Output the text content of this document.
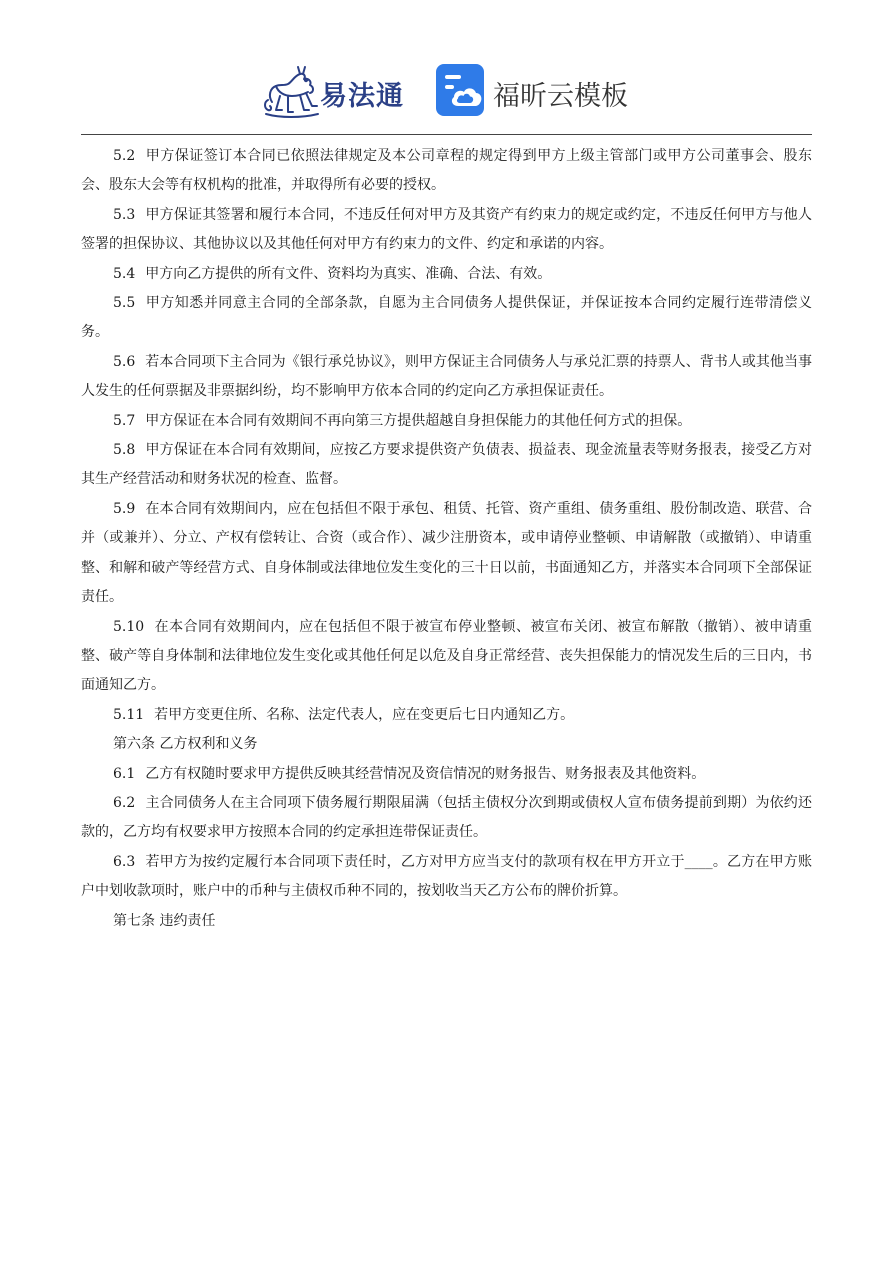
易法通	福昕云模板

5.2 甲方保证签订本合同已依照法律规定及本公司章程的规定得到甲方上级主管部门或甲方公司董事会、股东会、股东大会等有权机构的批准，并取得所有必要的授权。

5.3 甲方保证其签署和履行本合同，不违反任何对甲方及其资产有约束力的规定或约定，不违反任何甲方与他人签署的担保协议、其他协议以及其他任何对甲方有约束力的文件、约定和承诺的内容。

5.4 甲方向乙方提供的所有文件、资料均为真实、准确、合法、有效。

5.5 甲方知悉并同意主合同的全部条款，自愿为主合同债务人提供保证，并保证按本合同约定履行连带清偿义务。

5.6 若本合同项下主合同为《银行承兑协议》，则甲方保证主合同债务人与承兑汇票的持票人、背书人或其他当事人发生的任何票据及非票据纠纷，均不影响甲方依本合同的约定向乙方承担保证责任。

5.7 甲方保证在本合同有效期间不再向第三方提供超越自身担保能力的其他任何方式的担保。

5.8 甲方保证在本合同有效期间，应按乙方要求提供资产负债表、损益表、现金流量表等财务报表，接受乙方对其生产经营活动和财务状况的检查、监督。

5.9 在本合同有效期间内，应在包括但不限于承包、租赁、托管、资产重组、债务重组、股份制改造、联营、合并（或兼并）、分立、产权有偿转让、合资（或合作）、减少注册资本，或申请停业整顿、申请解散（或撤销）、申请重整、和解和破产等经营方式、自身体制或法律地位发生变化的三十日以前，书面通知乙方，并落实本合同项下全部保证责任。

5.10 在本合同有效期间内，应在包括但不限于被宣布停业整顿、被宣布关闭、被宣布解散（撤销）、被申请重整、破产等自身体制和法律地位发生变化或其他任何足以危及自身正常经营、丧失担保能力的情况发生后的三日内，书面通知乙方。

5.11 若甲方变更住所、名称、法定代表人，应在变更后七日内通知乙方。

第六条 乙方权利和义务

6.1 乙方有权随时要求甲方提供反映其经营情况及资信情况的财务报告、财务报表及其他资料。

6.2 主合同债务人在主合同项下债务履行期限届满（包括主债权分次到期或债权人宣布债务提前到期）为依约还款的，乙方均有权要求甲方按照本合同的约定承担连带保证责任。

6.3 若甲方为按约定履行本合同项下责任时，乙方对甲方应当支付的款项有权在甲方开立于____。乙方在甲方账户中划收款项时，账户中的币种与主债权币种不同的，按划收当天乙方公布的牌价折算。

第七条 违约责任
